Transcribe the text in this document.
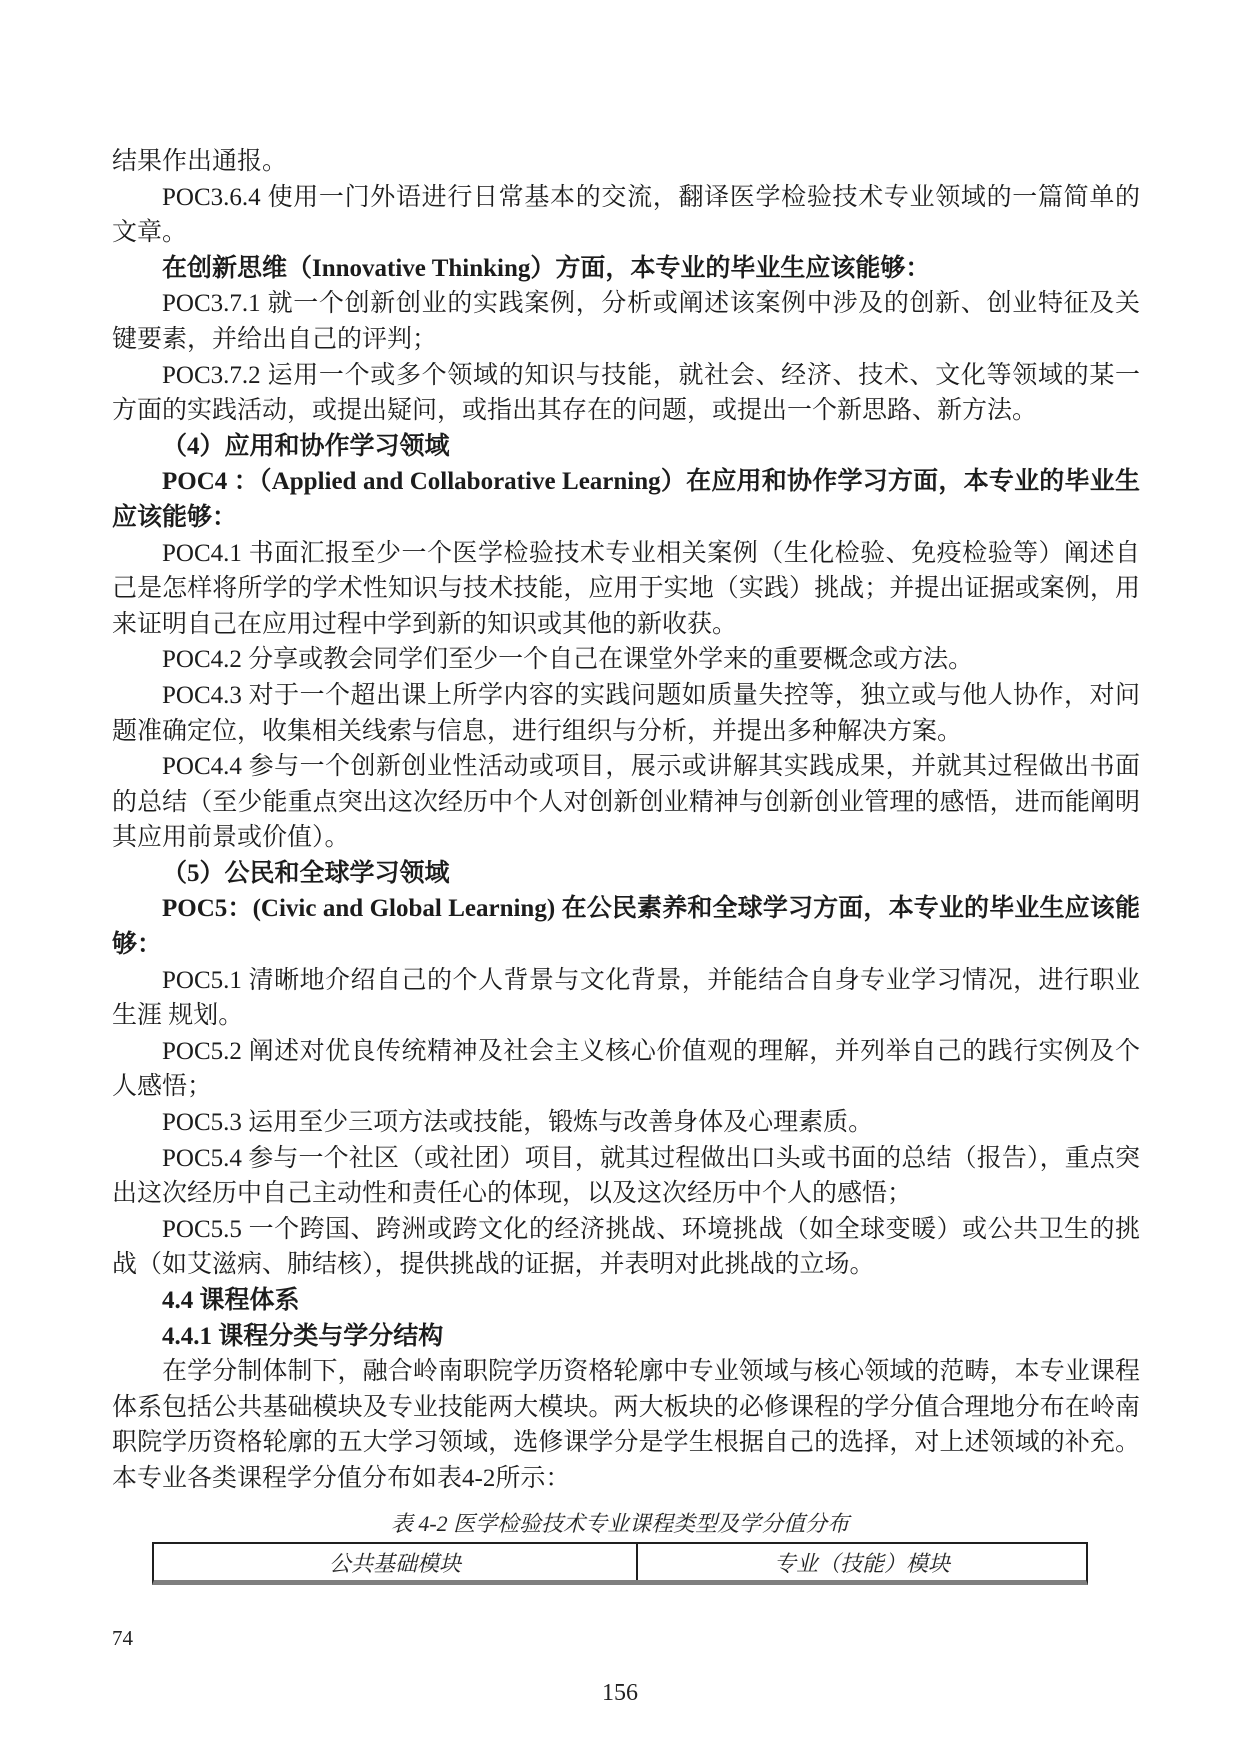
结果作出通报。

POC3.6.4 使用一门外语进行日常基本的交流，翻译医学检验技术专业领域的一篇简单的文章。

在创新思维（Innovative Thinking）方面，本专业的毕业生应该能够：

POC3.7.1 就一个创新创业的实践案例，分析或阐述该案例中涉及的创新、创业特征及关键要素，并给出自己的评判；

POC3.7.2 运用一个或多个领域的知识与技能，就社会、经济、技术、文化等领域的某一方面的实践活动，或提出疑问，或指出其存在的问题，或提出一个新思路、新方法。

（4）应用和协作学习领域

POC4 ：（Applied and Collaborative Learning）在应用和协作学习方面，本专业的毕业生应该能够：

POC4.1 书面汇报至少一个医学检验技术专业相关案例（生化检验、免疫检验等）阐述自己是怎样将所学的学术性知识与技术技能，应用于实地（实践）挑战；并提出证据或案例，用来证明自己在应用过程中学到新的知识或其他的新收获。

POC4.2 分享或教会同学们至少一个自己在课堂外学来的重要概念或方法。

POC4.3 对于一个超出课上所学内容的实践问题如质量失控等，独立或与他人协作，对问题准确定位，收集相关线索与信息，进行组织与分析，并提出多种解决方案。

POC4.4 参与一个创新创业性活动或项目，展示或讲解其实践成果，并就其过程做出书面的总结（至少能重点突出这次经历中个人对创新创业精神与创新创业管理的感悟，进而能阐明其应用前景或价值）。

（5）公民和全球学习领域

POC5：(Civic and Global Learning) 在公民素养和全球学习方面，本专业的毕业生应该能够：

POC5.1 清晰地介绍自己的个人背景与文化背景，并能结合自身专业学习情况，进行职业生涯 规划。

POC5.2 阐述对优良传统精神及社会主义核心价值观的理解，并列举自己的践行实例及个人感悟；

POC5.3 运用至少三项方法或技能，锻炼与改善身体及心理素质。

POC5.4 参与一个社区（或社团）项目，就其过程做出口头或书面的总结（报告），重点突出这次经历中自己主动性和责任心的体现，以及这次经历中个人的感悟；

POC5.5 一个跨国、跨洲或跨文化的经济挑战、环境挑战（如全球变暖）或公共卫生的挑战（如艾滋病、肺结核），提供挑战的证据，并表明对此挑战的立场。

4.4 课程体系

4.4.1 课程分类与学分结构

在学分制体制下，融合岭南职院学历资格轮廓中专业领域与核心领域的范畴，本专业课程体系包括公共基础模块及专业技能两大模块。两大板块的必修课程的学分值合理地分布在岭南职院学历资格轮廓的五大学习领域，选修课学分是学生根据自己的选择，对上述领域的补充。本专业各类课程学分值分布如表4-2所示：

表 4-2 医学检验技术专业课程类型及学分值分布
公共基础模块	专业（技能）模块
74
156
